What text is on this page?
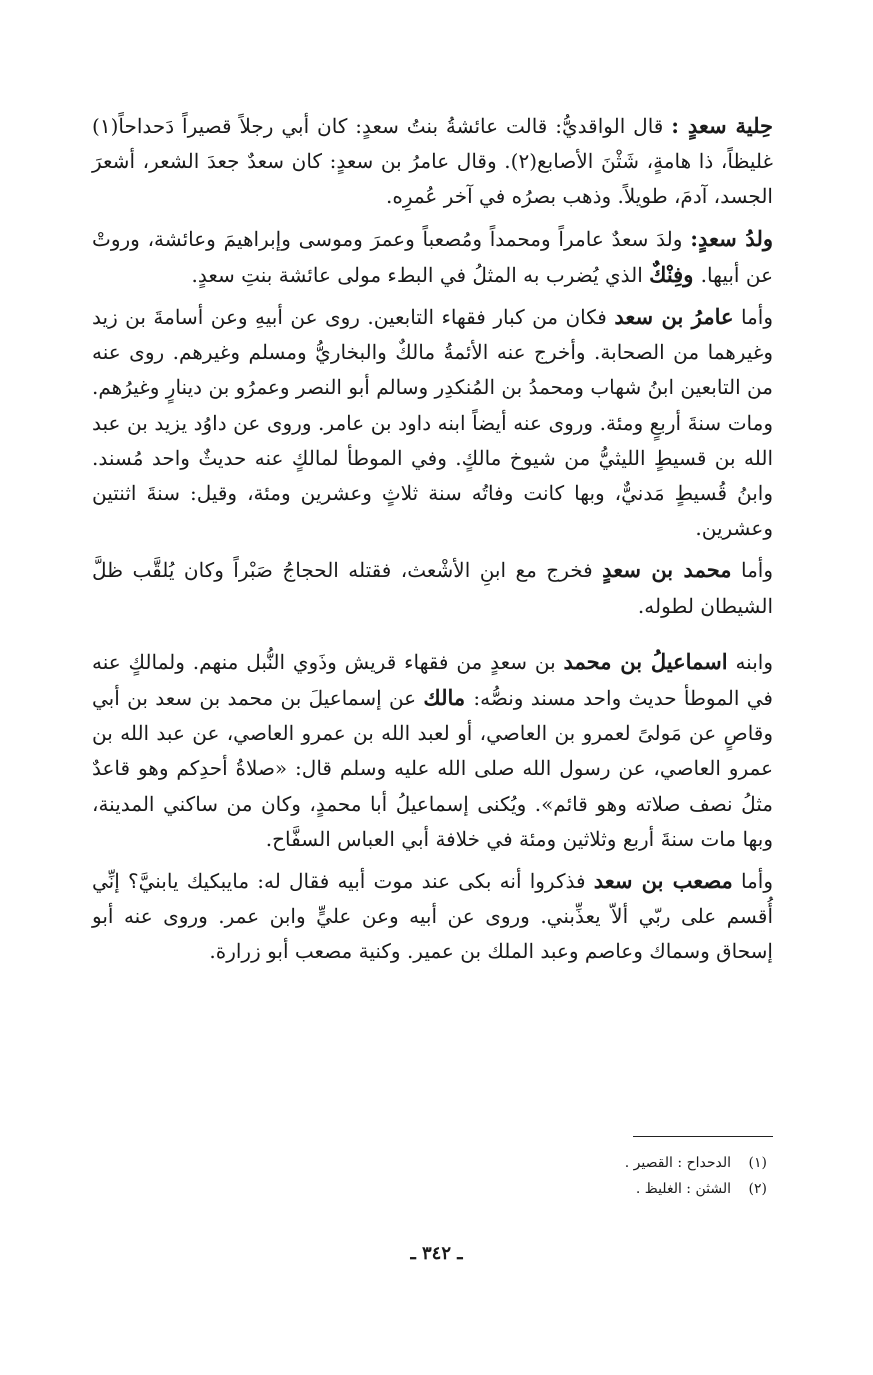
حِلية سعدٍ : قال الواقديُّ: قالت عائشةُ بنتُ سعدٍ: كان أبي رجلاً قصيراً دَحداحاً(١) غليظاً، ذا هامةٍ، شَثْنَ الأصابع(٢). وقال عامرُ بن سعدٍ: كان سعدٌ جعدَ الشعر، أشعرَ الجسد، آدمَ، طويلاً. وذهب بصرُه في آخر عُمرِه.

ولدُ سعدٍ: ولدَ سعدٌ عامراً ومحمداً ومُصعباً وعمرَ وموسى وإبراهيمَ وعائشة، وروتْ عن أبيها. وفِنْكٌ الذي يُضرب به المثلُ في البطء مولى عائشة بنتِ سعدٍ.

وأما عامرُ بن سعد فكان من كبار فقهاء التابعين. روى عن أبيهِ وعن أسامةَ بن زيد وغيرهما من الصحابة. وأخرج عنه الأئمةُ مالكٌ والبخاريُّ ومسلم وغيرهم. روى عنه من التابعين ابنُ شهاب ومحمدُ بن المُنكدِر وسالم أبو النصر وعمرُو بن دينارٍ وغيرُهم. ومات سنةَ أربعٍ ومئة. وروى عنه أيضاً ابنه داود بن عامر. وروى عن داوُد يزيد بن عبد الله بن قسيطٍ الليثيُّ من شيوخ مالكٍ. وفي الموطأ لمالكٍ عنه حديثٌ واحد مُسند. وابنُ قُسيطٍ مَدنيٌّ، وبها كانت وفاتُه سنة ثلاثٍ وعشرين ومئة، وقيل: سنةَ اثنتين وعشرين.

وأما محمد بن سعدٍ فخرج مع ابنِ الأشْعث، فقتله الحجاجُ صَبْراً وكان يُلقَّب ظلَّ الشيطان لطوله.

وابنه اسماعيلُ بن محمد بن سعدٍ من فقهاء قريش وذَوي النُّبل منهم. ولمالكٍ عنه في الموطأ حديث واحد مسند ونصُّه: مالك عن إسماعيلَ بن محمد بن سعد بن أبي وقاصٍ عن مَولىً لعمرو بن العاصي، أو لعبد الله بن عمرو العاصي، عن عبد الله بن عمرو العاصي، عن رسول الله صلى الله عليه وسلم قال: «صلاةُ أحدِكم وهو قاعدٌ مثلُ نصف صلاته وهو قائم». ويُكنى إسماعيلُ أبا محمدٍ، وكان من ساكني المدينة، وبها مات سنةَ أربع وثلاثين ومئة في خلافة أبي العباس السفَّاح.

وأما مصعب بن سعد فذكروا أنه بكى عند موت أبيه فقال له: مايبكيك يابنيَّ؟ إنِّي أُقسم على ربّي ألاّ يعذِّبني. وروى عن أبيه وعن عليٍّ وابن عمر. وروى عنه أبو إسحاق وسماك وعاصم وعبد الملك بن عمير. وكنية مصعب أبو زرارة.

(١)
الدحداح : القصير .
(٢)
الشثن : الغليظ .
ـ ٣٤٢ ـ
